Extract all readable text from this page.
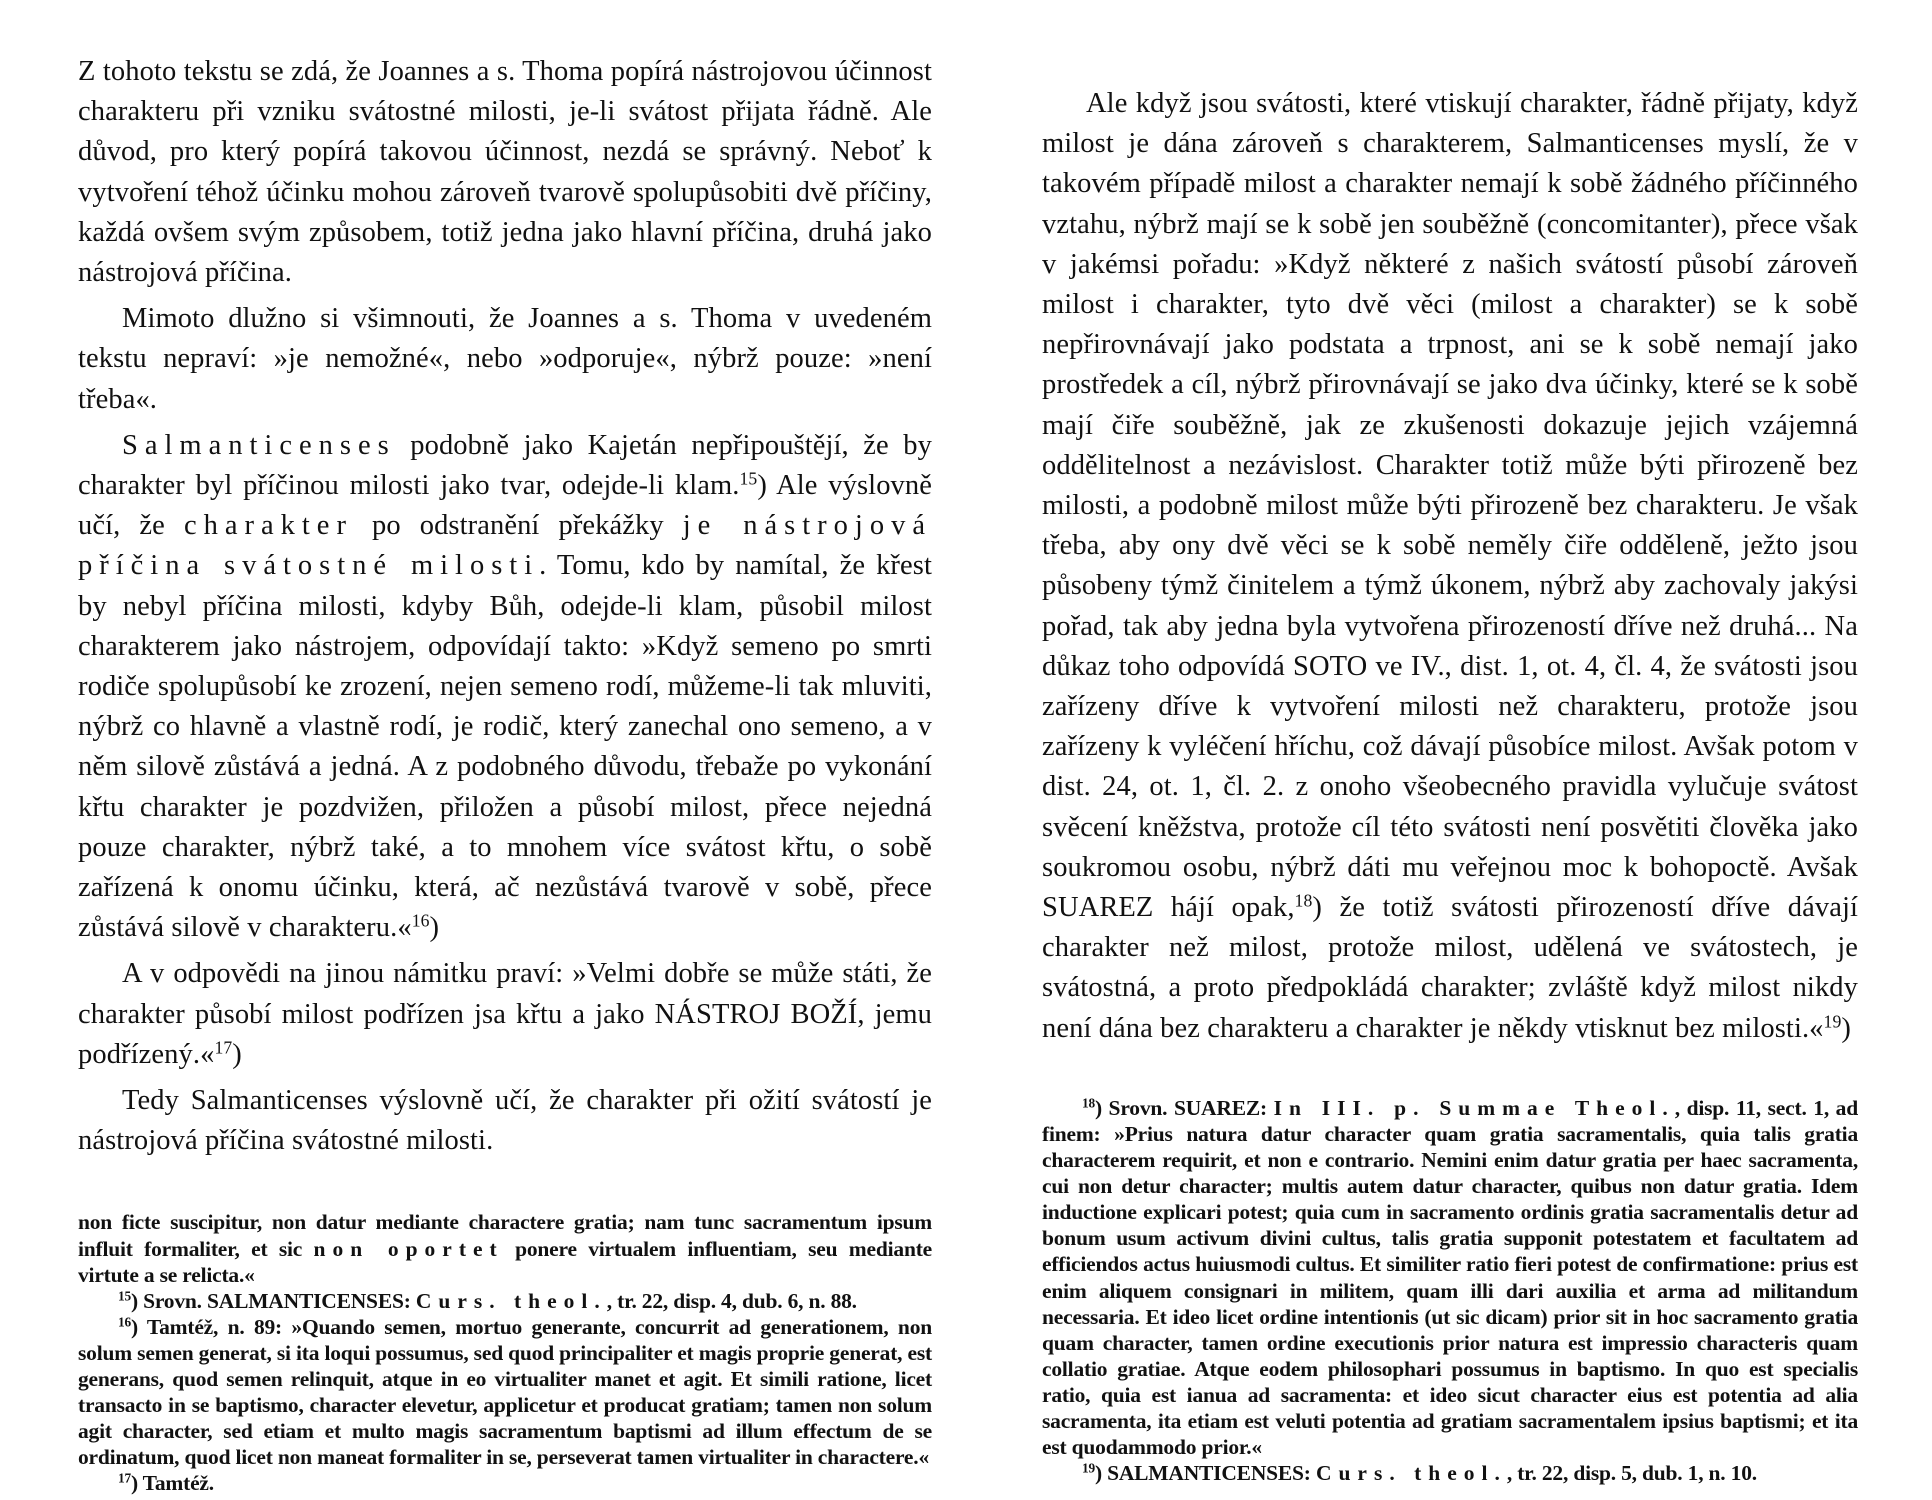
Z tohoto tekstu se zdá, že Joannes a s. Thoma popírá nástrojovou účinnost charakteru při vzniku svátostné milosti, je-li svátost přijata řádně. Ale důvod, pro který popírá takovou účinnost, nezdá se správný. Neboť k vytvoření téhož účinku mohou zároveň tvarově spolupůsobiti dvě příčiny, každá ovšem svým způsobem, totiž jedna jako hlavní příčina, druhá jako nástrojová příčina.

Mimoto dlužno si všimnouti, že Joannes a s. Thoma v uvedeném tekstu nepraví: »je nemožné«, nebo »odporuje«, nýbrž pouze: »není třeba«.

Salmanticenses podobně jako Kajetán nepřipouštějí, že by charakter byl příčinou milosti jako tvar, odejde-li klam.$^{15}$) Ale výslovně učí, že charakter po odstranění překážky je nástrojová příčina svátostné milosti. Tomu, kdo by namítal, že křest by nebyl příčina milosti, kdyby Bůh, odejde-li klam, působil milost charakterem jako nástrojem, odpovídají takto: »Když semeno po smrti rodiče spolupůsobí ke zrození, nejen semeno rodí, můžeme-li tak mluviti, nýbrž co hlavně a vlastně rodí, je rodič, který zanechal ono semeno, a v něm silově zůstává a jedná. A z podobného důvodu, třebaže po vykonání křtu charakter je pozdvižen, přiložen a působí milost, přece nejedná pouze charakter, nýbrž také, a to mnohem více svátost křtu, o sobě zařízená k onomu účinku, která, ač nezůstává tvarově v sobě, přece zůstává silově v charakteru.«$^{16}$)

A v odpovědi na jinou námitku praví: »Velmi dobře se může státi, že charakter působí milost podřízen jsa křtu a jako NÁSTROJ BOŽÍ, jemu podřízený.«$^{17}$)

Tedy Salmanticenses výslovně učí, že charakter při ožití svátostí je nástrojová příčina svátostné milosti.

non ficte suscipitur, non datur mediante charactere gratia; nam tunc sacramentum ipsum influit formaliter, et sic non oportet ponere virtualem influentiam, seu mediante virtute a se relicta.«

$^{15}$) Srovn. SALMANTICENSES: Curs. theol., tr. 22, disp. 4, dub. 6, n. 88.

$^{16}$) Tamtéž, n. 89: »Quando semen, mortuo generante, concurrit ad generationem, non solum semen generat, si ita loqui possumus, sed quod principaliter et magis proprie generat, est generans, quod semen relinquit, atque in eo virtualiter manet et agit. Et simili ratione, licet transacto in se baptismo, character elevetur, applicetur et producat gratiam; tamen non solum agit character, sed etiam et multo magis sacramentum baptismi ad illum effectum de se ordinatum, quod licet non maneat formaliter in se, perseverat tamen virtualiter in charactere.«

$^{17}$) Tamtéž.

Ale když jsou svátosti, které vtiskují charakter, řádně přijaty, když milost je dána zároveň s charakterem, Salmanticenses myslí, že v takovém případě milost a charakter nemají k sobě žádného příčinného vztahu, nýbrž mají se k sobě jen souběžně (concomitanter), přece však v jakémsi pořadu: »Když některé z našich svátostí působí zároveň milost i charakter, tyto dvě věci (milost a charakter) se k sobě nepřirovnávají jako podstata a trpnost, ani se k sobě nemají jako prostředek a cíl, nýbrž přirovnávají se jako dva účinky, které se k sobě mají čiře souběžně, jak ze zkušenosti dokazuje jejich vzájemná oddělitelnost a nezávislost. Charakter totiž může býti přirozeně bez milosti, a podobně milost může býti přirozeně bez charakteru. Je však třeba, aby ony dvě věci se k sobě neměly čiře odděleně, ježto jsou působeny týmž činitelem a týmž úkonem, nýbrž aby zachovaly jakýsi pořad, tak aby jedna byla vytvořena přirozeností dříve než druhá... Na důkaz toho odpovídá SOTO ve IV., dist. 1, ot. 4, čl. 4, že svátosti jsou zařízeny dříve k vytvoření milosti než charakteru, protože jsou zařízeny k vyléčení hříchu, což dávají působíce milost. Avšak potom v dist. 24, ot. 1, čl. 2. z onoho všeobecného pravidla vylučuje svátost svěcení kněžstva, protože cíl této svátosti není posvětiti člověka jako soukromou osobu, nýbrž dáti mu veřejnou moc k bohopoctě. Avšak SUAREZ hájí opak,$^{18}$) že totiž svátosti přirozeností dříve dávají charakter než milost, protože milost, udělená ve svátostech, je svátostná, a proto předpokládá charakter; zvláště když milost nikdy není dána bez charakteru a charakter je někdy vtisknut bez milosti.«$^{19}$)

$^{18}$) Srovn. SUAREZ: In III. p. Summae Theol., disp. 11, sect. 1, ad finem: »Prius natura datur character quam gratia sacramentalis, quia talis gratia characterem requirit, et non e contrario. Nemini enim datur gratia per haec sacramenta, cui non detur character; multis autem datur character, quibus non datur gratia. Idem inductione explicari potest; quia cum in sacramento ordinis gratia sacramentalis detur ad bonum usum activum divini cultus, talis gratia supponit potestatem et facultatem ad efficiendos actus huiusmodi cultus. Et similiter ratio fieri potest de confirmatione: prius est enim aliquem consignari in militem, quam illi dari auxilia et arma ad militandum necessaria. Et ideo licet ordine intentionis (ut sic dicam) prior sit in hoc sacramento gratia quam character, tamen ordine executionis prior natura est impressio characteris quam collatio gratiae. Atque eodem philosophari possumus in baptismo. In quo est specialis ratio, quia est ianua ad sacramenta: et ideo sicut character eius est potentia ad alia sacramenta, ita etiam est veluti potentia ad gratiam sacramentalem ipsius baptismi; et ita est quodammodo prior.«

$^{19}$) SALMANTICENSES: Curs. theol., tr. 22, disp. 5, dub. 1, n. 10.
